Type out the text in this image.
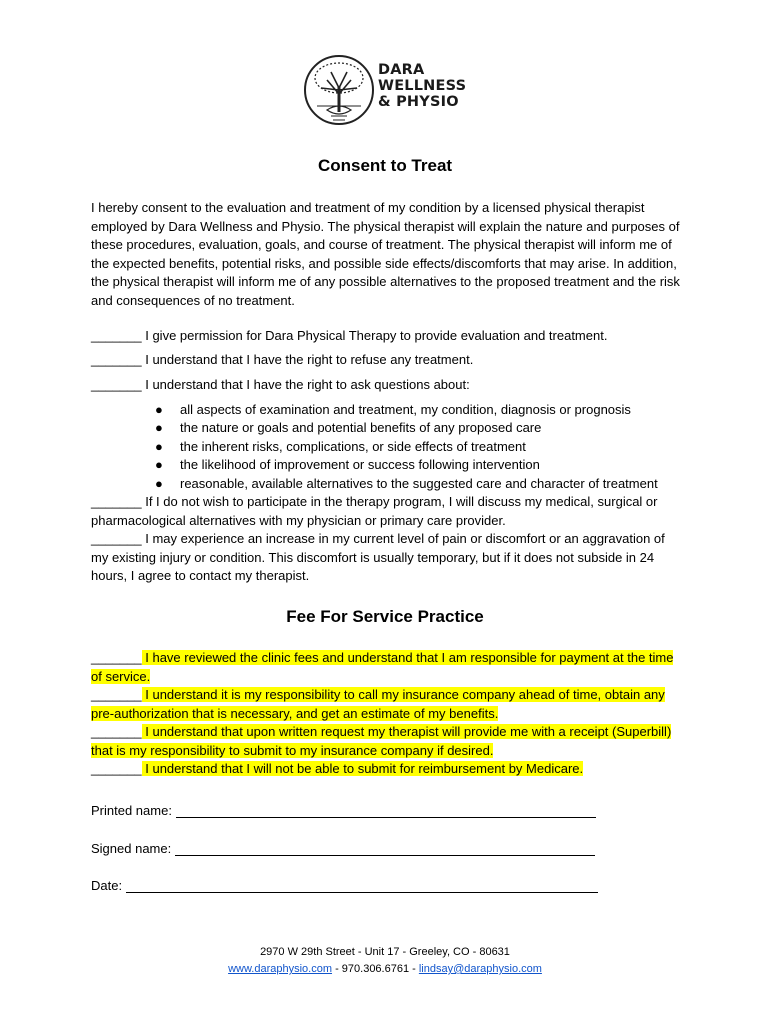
DARA
WELLNESS
& PHYSIO
Consent to Treat
I hereby consent to the evaluation and treatment of my condition by a licensed physical therapist employed by Dara Wellness and Physio. The physical therapist will explain the nature and purposes of these procedures, evaluation, goals, and course of treatment. The physical therapist will inform me of the expected benefits, potential risks, and possible side effects/discomforts that may arise. In addition, the physical therapist will inform me of any possible alternatives to the proposed treatment and the risk and consequences of no treatment.
_______ I give permission for Dara Physical Therapy to provide evaluation and treatment.
_______ I understand that I have the right to refuse any treatment.
_______ I understand that I have the right to ask questions about:
● all aspects of examination and treatment, my condition, diagnosis or prognosis
● the nature or goals and potential benefits of any proposed care
● the inherent risks, complications, or side effects of treatment
● the likelihood of improvement or success following intervention
● reasonable, available alternatives to the suggested care and character of treatment
_______ If I do not wish to participate in the therapy program, I will discuss my medical, surgical or pharmacological alternatives with my physician or primary care provider.
_______ I may experience an increase in my current level of pain or discomfort or an aggravation of my existing injury or condition. This discomfort is usually temporary, but if it does not subside in 24 hours, I agree to contact my therapist.
Fee For Service Practice
_______ I have reviewed the clinic fees and understand that I am responsible for payment at the time of service.
_______ I understand it is my responsibility to call my insurance company ahead of time, obtain any pre-authorization that is necessary, and get an estimate of my benefits.
_______ I understand that upon written request my therapist will provide me with a receipt (Superbill) that is my responsibility to submit to my insurance company if desired.
_______ I understand that I will not be able to submit for reimbursement by Medicare.
Printed name:
Signed name:
Date:
2970 W 29th Street - Unit 17 - Greeley, CO - 80631
www.daraphysio.com - 970.306.6761 - lindsay@daraphysio.com
